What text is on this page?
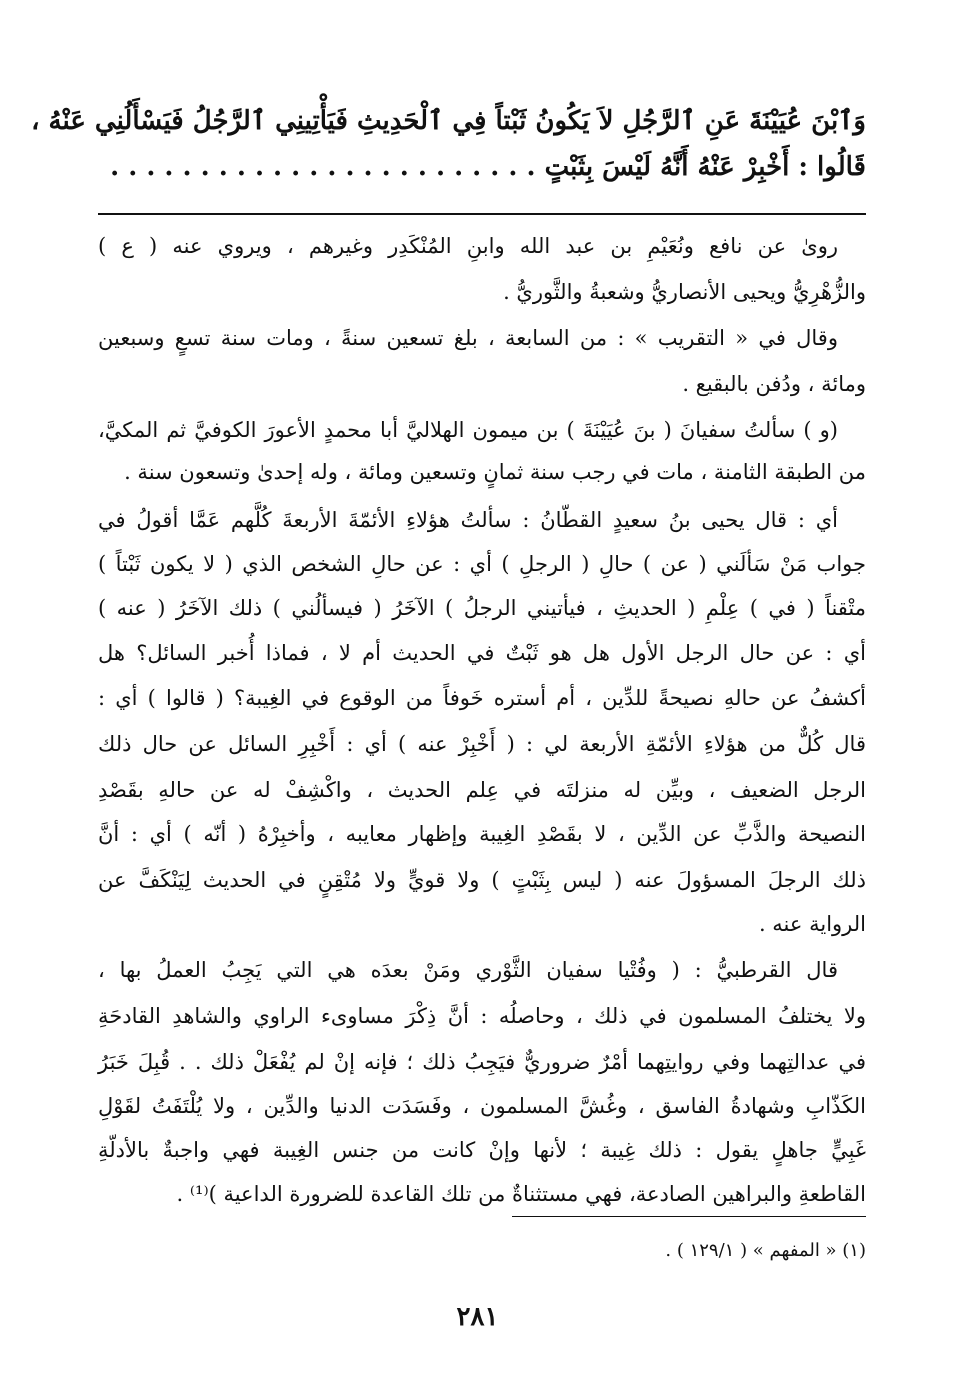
وَٱبْنَ عُيَيْنَةَ عَنِ ٱلرَّجُلِ لاَ يَكُونُ ثَبْتاً فِي ٱلْحَدِيثِ فَيَأْتِينِي ٱلرَّجُلُ فَيَسْأَلُنِي عَنْهُ ،
قَالُوا : أَخْبِرْ عَنْهُ أَنَّهُ لَيْسَ بِثَبْتٍ . . . . . . . . . . . . . . . . . . . . . . . .
روىٰ عن نافع ونُعَيْمِ بن عبد الله وابنِ المُنْكَدِر وغيرهم ، ويروي عنه ( ع )
والزُّهْرِيُّ ويحيى الأنصاريُّ وشعبةُ والثَّوريُّ .
وقال في « التقريب » : من السابعة ، بلغ تسعين سنةً ، ومات سنة تسعٍ وسبعين
ومائة ، ودُفن بالبقيع .
(و ) سألتُ سفيانَ ( بنَ عُيَيْنَةَ ) بن ميمون الهلاليَّ أبا محمدٍ الأعورَ الكوفيَّ ثم المكيَّ،
من الطبقة الثامنة ، مات في رجب سنة ثمانٍ وتسعين ومائة ، وله إحدىٰ وتسعون سنة .
أي : قال يحيى بنُ سعيدٍ القطّانُ : سألتُ هؤلاءِ الأئمّةَ الأربعةَ كُلَّهم عَمَّا أقولُ في
جواب مَنْ سَألَني ( عن ) حالِ ( الرجلِ ) أي : عن حالِ الشخص الذي ( لا يكون ثَبْتاً )
متْقناً ( في ) عِلْمِ ( الحديثِ ، فيأتيني الرجلُ ) الآخَرُ ( فيسألُني ) ذلك الآخَرُ ( عنه )
أي : عن حال الرجل الأول هل هو ثَبْتٌ في الحديث أم لا ، فماذا أُخبر السائل؟ هل
أكشفُ عن حالهِ نصيحةً للدِّين ، أم أستره خَوفاً من الوقوع في الغِيبة؟ ( قالوا ) أي :
قال كُلٌّ من هؤلاءِ الأئمّةِ الأربعة لي : ( أَخْبِرْ عنه ) أي : أَخْبِرِ السائل عن حال ذلك
الرجل الضعيف ، وبيِّن له منزلتَه في عِلم الحديث ، واكْشِفْ له عن حالهِ بقَصْدِ
النصيحة والذَّبِّ عن الدِّين ، لا بقَصْدِ الغِيبة وإظهار معايبه ، وأخبِرْهُ ( أنّه ) أي : أنَّ
ذلك الرجلَ المسؤولَ عنه ( ليس بِثَبْتٍ ) ولا قويٍّ ولا مُتْقِنٍ في الحديث لِيَنْكَفَّ عن
الرواية عنه .
قال القرطبيُّ : ( وفُتْيا سفيان الثَّوْري ومَنْ بعدَه هي التي يَجِبُ العملُ بها ،
ولا يختلفُ المسلمون في ذلك ، وحاصلُه : أنَّ ذِكْرَ مساوىء الراوي والشاهدِ القادحَةِ
في عدالتِهما وفي روايتِهما أمْرٌ ضروريٌّ فيَجِبُ ذلك ؛ فإنه إنْ لم يُفْعَلْ ذلك . . قُبِلَ خَبَرُ
الكَذّابِ وشهادةُ الفاسق ، وغُشَّ المسلمون ، وفَسَدَت الدنيا والدِّين ، ولا يُلْتَفَتُ لقَوْلِ
غَبِيٍّ جاهلٍ يقول : ذلك غِيبة ؛ لأنها وإنْ كانت من جنس الغِيبة فهي واجبةٌ بالأدلّةِ
القاطعةِ والبراهين الصادعة، فهي مستثناةٌ من تلك القاعدة للضرورة الداعية )⁽¹⁾ .
(١) « المفهم » ( ١٢٩/١ ) .
٢٨١
